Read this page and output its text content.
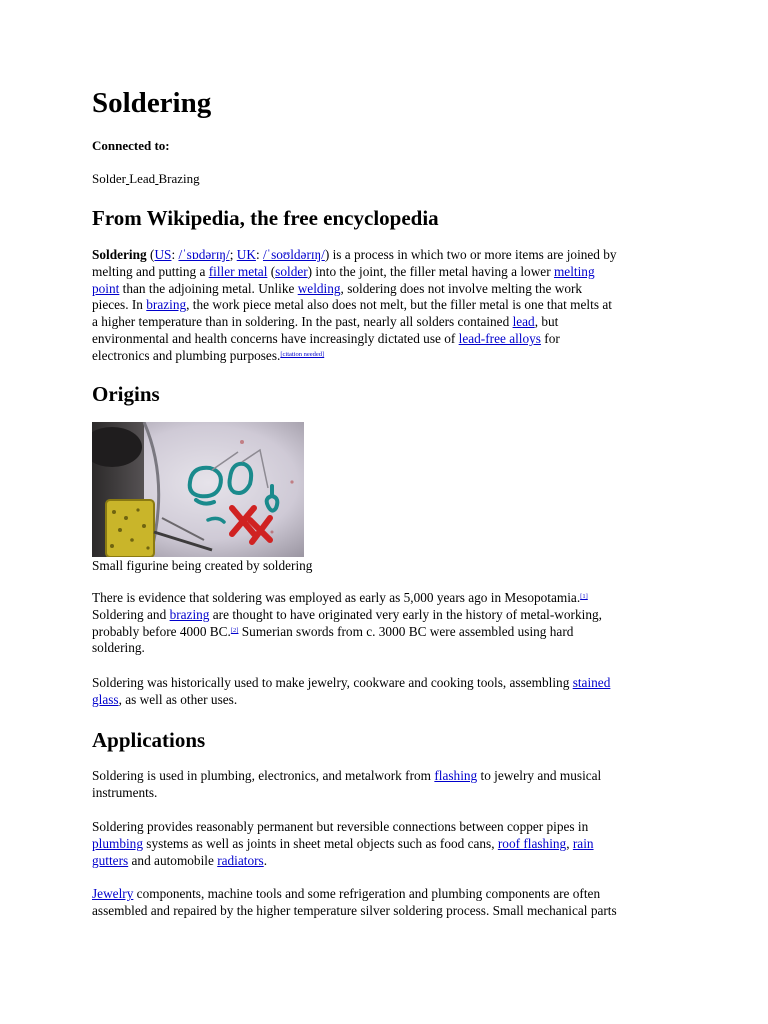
Soldering

Connected to:

Solder Lead Brazing

From Wikipedia, the free encyclopedia
Soldering (US: /ˈsɒdərɪŋ/; UK: /ˈsoʊldərɪŋ/) is a process in which two or more items are joined by
melting and putting a filler metal (solder) into the joint, the filler metal having a lower melting
point than the adjoining metal. Unlike welding, soldering does not involve melting the work
pieces. In brazing, the work piece metal also does not melt, but the filler metal is one that melts at
a higher temperature than in soldering. In the past, nearly all solders contained lead, but
environmental and health concerns have increasingly dictated use of lead-free alloys for
electronics and plumbing purposes.[citation needed]
Origins

Small figurine being created by soldering

There is evidence that soldering was employed as early as 5,000 years ago in Mesopotamia.[1]
Soldering and brazing are thought to have originated very early in the history of metal-working,
probably before 4000 BC.[2] Sumerian swords from c. 3000 BC were assembled using hard
soldering.
Soldering was historically used to make jewelry, cookware and cooking tools, assembling stained
glass, as well as other uses.
Applications
Soldering is used in plumbing, electronics, and metalwork from flashing to jewelry and musical
instruments.
Soldering provides reasonably permanent but reversible connections between copper pipes in
plumbing systems as well as joints in sheet metal objects such as food cans, roof flashing, rain
gutters and automobile radiators.
Jewelry components, machine tools and some refrigeration and plumbing components are often
assembled and repaired by the higher temperature silver soldering process. Small mechanical parts
